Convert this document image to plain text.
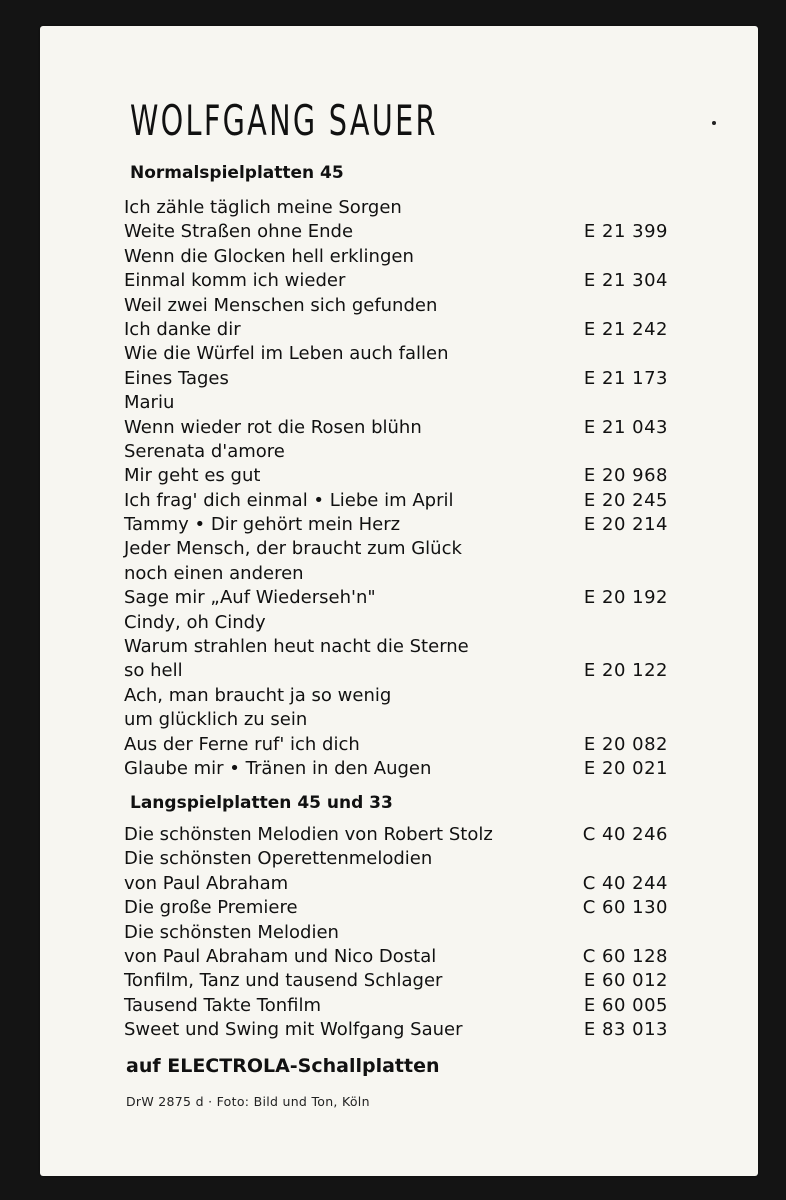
WOLFGANG SAUER
Normalspielplatten 45
Ich zähle täglich meine Sorgen
Weite Straßen ohne Ende	E 21 399
Wenn die Glocken hell erklingen
Einmal komm ich wieder	E 21 304
Weil zwei Menschen sich gefunden
Ich danke dir	E 21 242
Wie die Würfel im Leben auch fallen
Eines Tages	E 21 173
Mariu
Wenn wieder rot die Rosen blühn	E 21 043
Serenata d'amore
Mir geht es gut	E 20 968
Ich frag' dich einmal • Liebe im April	E 20 245
Tammy • Dir gehört mein Herz	E 20 214
Jeder Mensch, der braucht zum Glück
noch einen anderen
Sage mir „Auf Wiederseh'n"	E 20 192
Cindy, oh Cindy
Warum strahlen heut nacht die Sterne
so hell	E 20 122
Ach, man braucht ja so wenig
um glücklich zu sein
Aus der Ferne ruf' ich dich	E 20 082
Glaube mir • Tränen in den Augen	E 20 021
Langspielplatten 45 und 33
Die schönsten Melodien von Robert Stolz	C 40 246
Die schönsten Operettenmelodien
von Paul Abraham	C 40 244
Die große Premiere	C 60 130
Die schönsten Melodien
von Paul Abraham und Nico Dostal	C 60 128
Tonfilm, Tanz und tausend Schlager	E 60 012
Tausend Takte Tonfilm	E 60 005
Sweet und Swing mit Wolfgang Sauer	E 83 013
auf ELECTROLA-Schallplatten
DrW 2875 d · Foto: Bild und Ton, Köln
